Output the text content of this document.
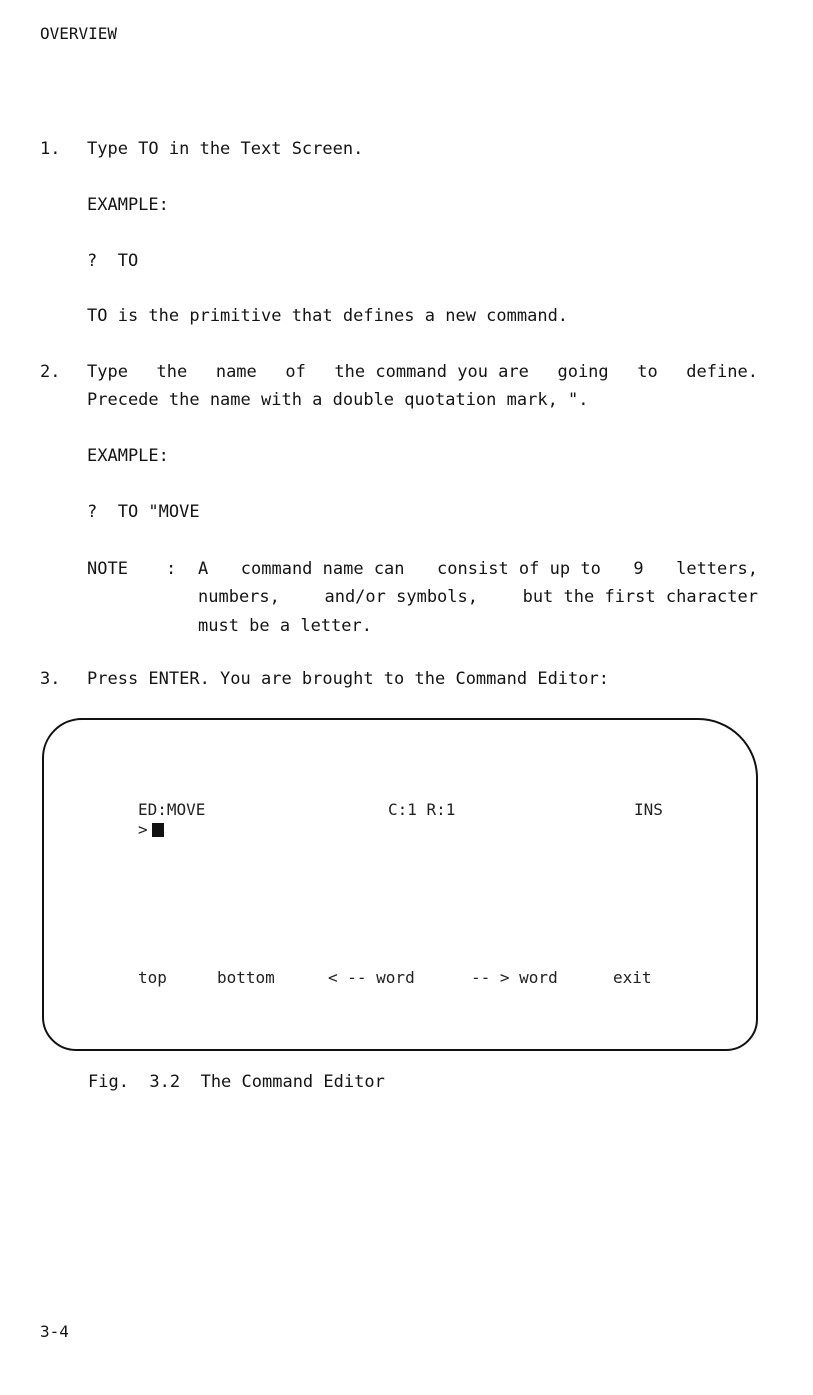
OVERVIEW
1. Type TO in the Text Screen.
EXAMPLE:
?  TO
TO is the primitive that defines a new command.
2. Type the name of the command you are going to define.
Precede the name with a double quotation mark, ".
EXAMPLE:
?  TO "MOVE
NOTE : A command name can consist of up to 9 letters,
numbers,	and/or symbols,	but the first character
must be a letter.
3. Press ENTER. You are brought to the Command Editor:
ED:MOVE	C:1 R:1	INS
>
top	bottom	< -- word	-- > word	exit
Fig.  3.2  The Command Editor
3-4
